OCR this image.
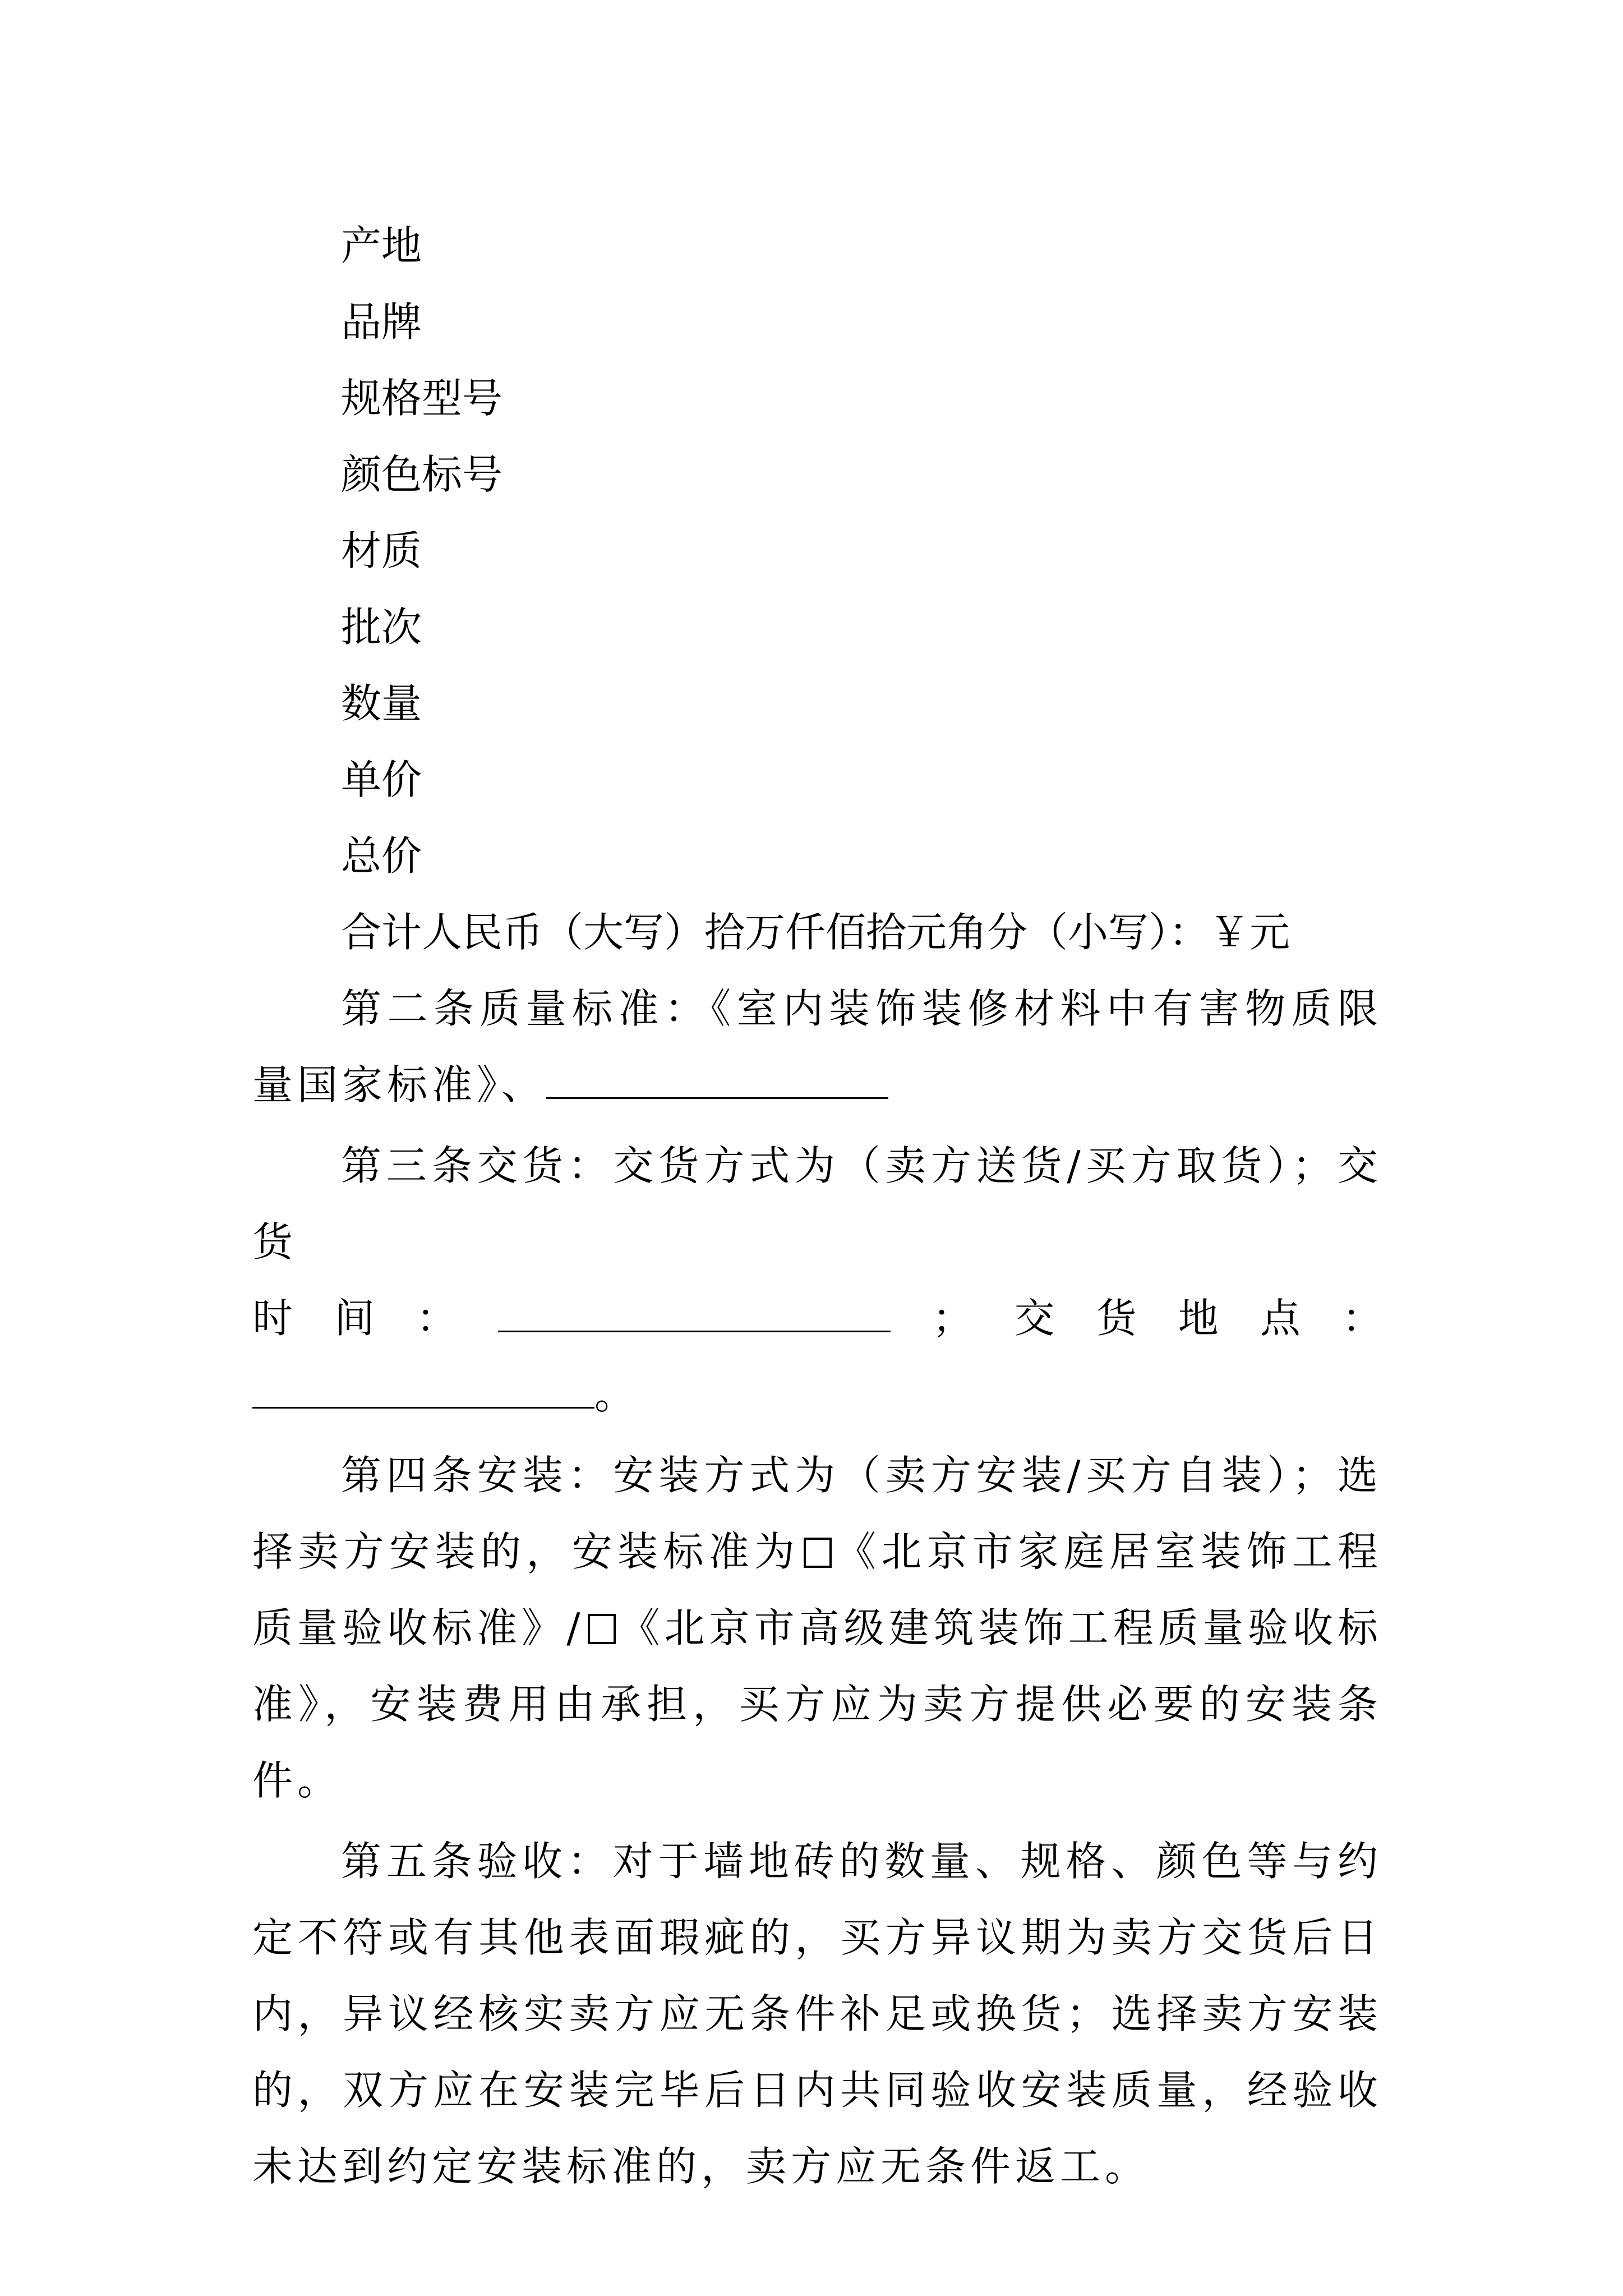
产地
品牌
规格型号
颜色标号
材质
批次
数量
单价
总价
合计人民币（大写）拾万仟佰拾元角分（小写）：￥元

第二条质量标准：《室内装饰装修材料中有害物质限量国家标准》、

第三条交货：交货方式为（卖方送货/买方取货）；交货

时 间 ：	； 交 货 地 点 ：
。

第四条安装：安装方式为（卖方安装/买方自装）；选择卖方安装的，安装标准为 《北京市家庭居室装饰工程质量验收标准》/ 《北京市高级建筑装饰工程质量验收标准》，安装费用由承担，买方应为卖方提供必要的安装条件。

第五条验收：对于墙地砖的数量、规格、颜色等与约定不符或有其他表面瑕疵的，买方异议期为卖方交货后日内，异议经核实卖方应无条件补足或换货；选择卖方安装的，双方应在安装完毕后日内共同验收安装质量，经验收未达到约定安装标准的，卖方应无条件返工。
